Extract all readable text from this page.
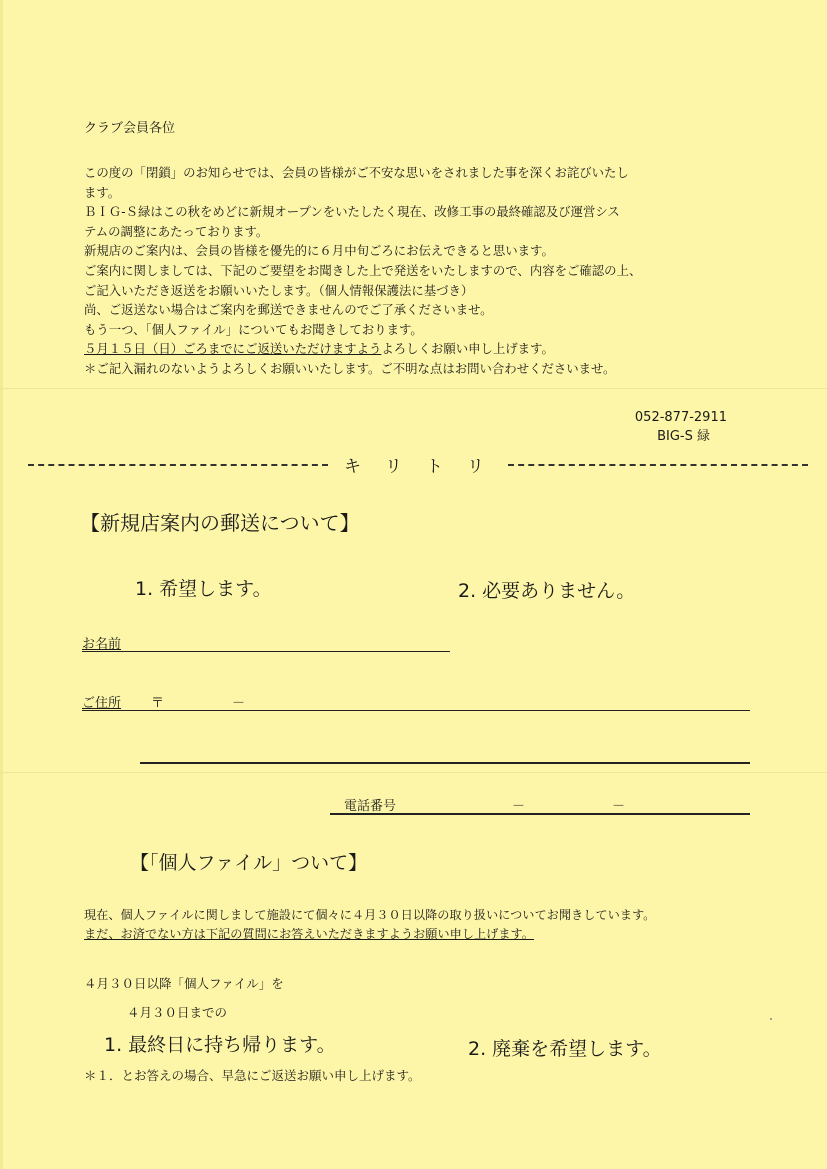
クラブ会員各位
この度の「閉鎖」のお知らせでは、会員の皆様がご不安な思いをされました事を深くお詫びいたし
ます。
ＢＩＧ-Ｓ緑はこの秋をめどに新規オープンをいたしたく現在、改修工事の最終確認及び運営シス
テムの調整にあたっております。
新規店のご案内は、会員の皆様を優先的に６月中旬ごろにお伝えできると思います。
ご案内に関しましては、下記のご要望をお聞きした上で発送をいたしますので、内容をご確認の上、
ご記入いただき返送をお願いいたします。（個人情報保護法に基づき）
尚、ご返送ない場合はご案内を郵送できませんのでご了承くださいませ。
もう一つ、「個人ファイル」についてもお聞きしております。
５月１５日（日）ごろまでにご返送いただけますようよろしくお願い申し上げます。
＊ご記入漏れのないようよろしくお願いいたします。ご不明な点はお問い合わせくださいませ。
052-877-2911
BIG-S 緑
キリトリ
【新規店案内の郵送について】
1. 希望します。	2. 必要ありません。
お名前
ご住所 〒	－
電話番号	－	－
【「個人ファイル」ついて】
現在、個人ファイルに関しまして施設にて個々に４月３０日以降の取り扱いについてお聞きしています。
まだ、お済でない方は下記の質問にお答えいただきますようお願い申し上げます。
４月３０日以降「個人ファイル」を
４月３０日までの
1. 最終日に持ち帰ります。	2. 廃棄を希望します。
＊１．とお答えの場合、早急にご返送お願い申し上げます。
